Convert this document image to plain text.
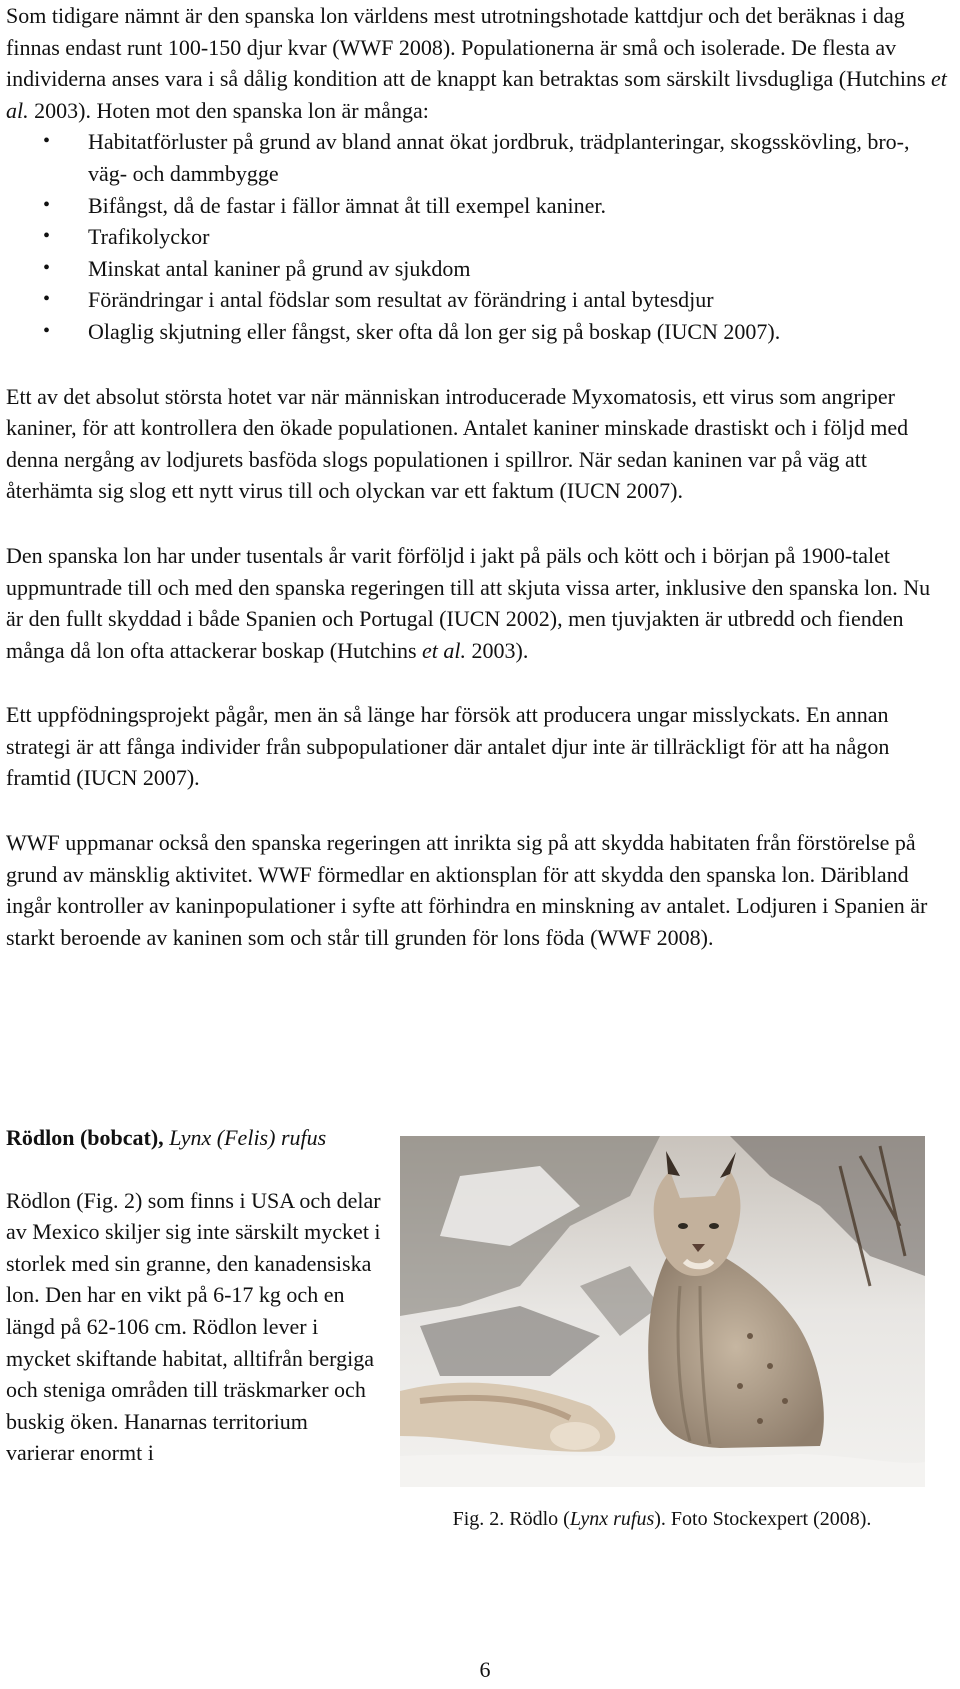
Som tidigare nämnt är den spanska lon världens mest utrotningshotade kattdjur och det beräknas i dag finnas endast runt 100-150 djur kvar (WWF 2008). Populationerna är små och isolerade. De flesta av individerna anses vara i så dålig kondition att de knappt kan betraktas som särskilt livsdugliga (Hutchins et al. 2003). Hoten mot den spanska lon är många:

• Habitatförluster på grund av bland annat ökat jordbruk, trädplanteringar, skogsskövling, bro-, väg- och dammbygge
• Bifångst, då de fastar i fällor ämnat åt till exempel kaniner.
• Trafikolyckor
• Minskat antal kaniner på grund av sjukdom
• Förändringar i antal födslar som resultat av förändring i antal bytesdjur
• Olaglig skjutning eller fångst, sker ofta då lon ger sig på boskap (IUCN 2007).

Ett av det absolut största hotet var när människan introducerade Myxomatosis, ett virus som angriper kaniner, för att kontrollera den ökade populationen. Antalet kaniner minskade drastiskt och i följd med denna nergång av lodjurets basföda slogs populationen i spillror. När sedan kaninen var på väg att återhämta sig slog ett nytt virus till och olyckan var ett faktum (IUCN 2007).

Den spanska lon har under tusentals år varit förföljd i jakt på päls och kött och i början på 1900-talet uppmuntrade till och med den spanska regeringen till att skjuta vissa arter, inklusive den spanska lon. Nu är den fullt skyddad i både Spanien och Portugal (IUCN 2002), men tjuvjakten är utbredd och fienden många då lon ofta attackerar boskap (Hutchins et al. 2003).

Ett uppfödningsprojekt pågår, men än så länge har försök att producera ungar misslyckats. En annan strategi är att fånga individer från subpopulationer där antalet djur inte är tillräckligt för att ha någon framtid (IUCN 2007).

WWF uppmanar också den spanska regeringen att inrikta sig på att skydda habitaten från förstörelse på grund av mänsklig aktivitet. WWF förmedlar en aktionsplan för att skydda den spanska lon. Däribland ingår kontroller av kaninpopulationer i syfte att förhindra en minskning av antalet. Lodjuren i Spanien är starkt beroende av kaninen som och står till grunden för lons föda (WWF 2008).

Rödlon (bobcat), Lynx (Felis) rufus

Rödlon (Fig. 2) som finns i USA och delar av Mexico skiljer sig inte särskilt mycket i storlek med sin granne, den kanadensiska lon. Den har en vikt på 6-17 kg och en längd på 62-106 cm. Rödlon lever i mycket skiftande habitat, alltifrån bergiga och steniga områden till träskmarker och buskig öken. Hanarnas territorium varierar enormt i

Fig. 2. Rödlo (Lynx rufus). Foto Stockexpert (2008).

6
